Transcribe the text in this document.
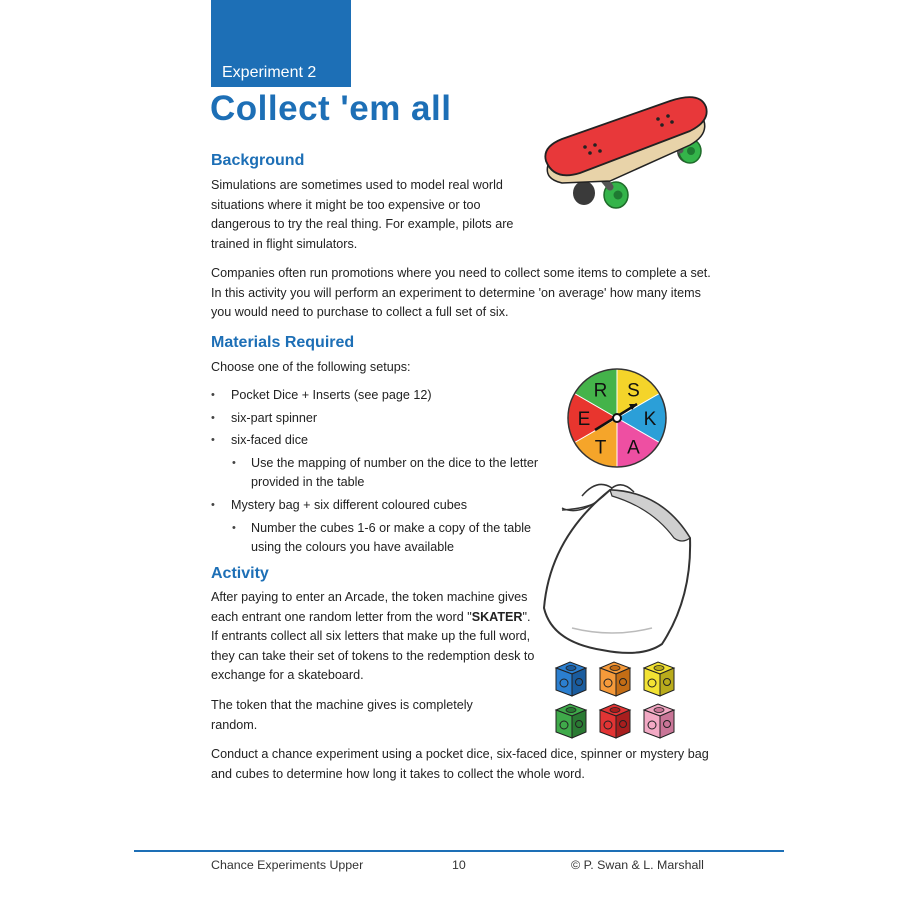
Experiment 2
Collect 'em all
Background

Simulations are sometimes used to model real world situations where it might be too expensive or too dangerous to try the real thing. For example, pilots are trained in flight simulators.

Companies often run promotions where you need to collect some items to complete a set. In this activity you will perform an experiment to determine 'on average' how many items you would need to purchase to collect a full set of six.

Materials Required

Choose one of the following setups:

• Pocket Dice + Inserts (see page 12)
• six-part spinner
• six-faced dice
• Use the mapping of number on the dice to the letter provided in the table
• Mystery bag + six different coloured cubes
• Number the cubes 1-6 or make a copy of the table using the colours you have available
S
K
A
T
E
R
Activity

After paying to enter an Arcade, the token machine gives each entrant one random letter from the word "SKATER". If entrants collect all six letters that make up the full word, they can take their set of tokens to the redemption desk to exchange for a skateboard.

The token that the machine gives is completely random.

Conduct a chance experiment using a pocket dice, six-faced dice, spinner or mystery bag and cubes to determine how long it takes to collect the whole word.

Chance Experiments Upper	10	© P. Swan & L. Marshall
